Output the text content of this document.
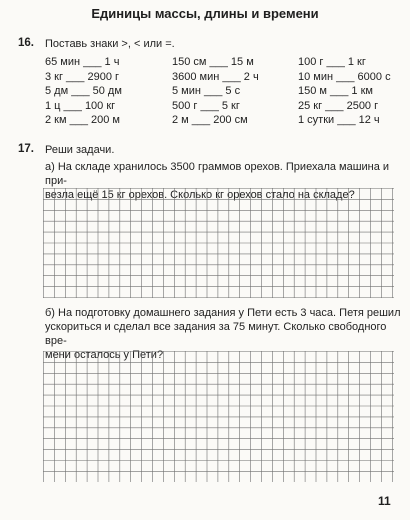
Единицы массы, длины и времени
16. Поставь знаки >, < или =.
65 мин ___ 1 ч
3 кг ___ 2900 г
5 дм ___ 50 дм
1 ц ___ 100 кг
2 км ___ 200 м
150 см ___ 15 м
3600 мин ___ 2 ч
5 мин ___ 5 с
500 г ___ 5 кг
2 м ___ 200 см
100 г ___ 1 кг
10 мин ___ 6000 с
150 м ___ 1 км
25 кг ___ 2500 г
1 сутки ___ 12 ч
17. Реши задачи.
а) На складе хранилось 3500 граммов орехов. Приехала машина и при-
везла ещё 15 кг орехов. Сколько кг орехов стало на складе?
б) На подготовку домашнего задания у Пети есть 3 часа. Петя решил
ускориться и сделал все задания за 75 минут. Сколько свободного вре-
мени осталось у Пети?
11
